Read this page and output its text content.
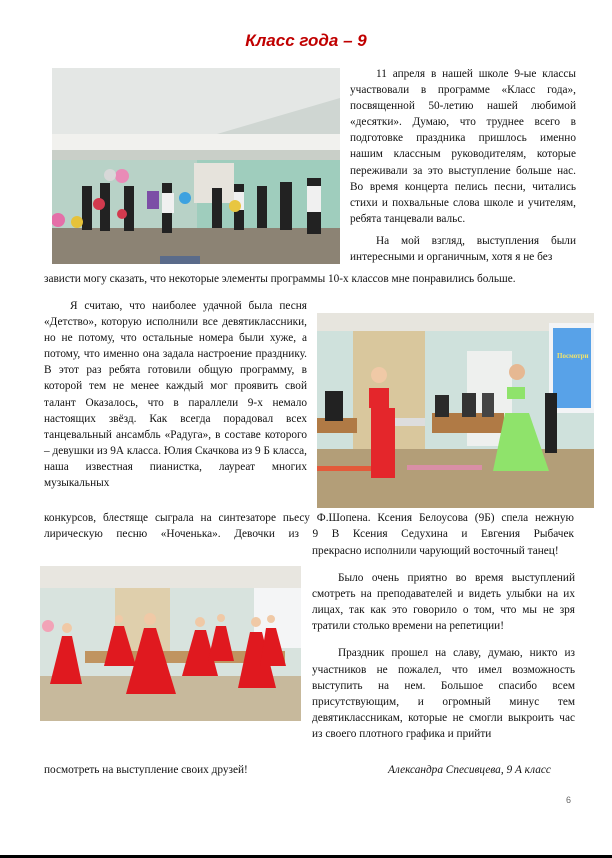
Класс года – 9

11 апреля в нашей школе 9-ые классы участвовали в программе «Класс года», посвященной 50-летию нашей любимой «десятки». Думаю, что труднее всего в подготовке праздника пришлось именно нашим классным руководителям, которые переживали за это выступление больше нас. Во время концерта пелись песни, читались стихи и похвальные слова школе и учителям, ребята танцевали вальс.

На мой взгляд, выступления были интересными и органичным, хотя я не без

зависти могу сказать, что некоторые элементы программы 10-х классов мне понравились больше.

Я считаю, что наиболее удачной была песня «Детство», которую исполнили все девятиклассники, но не потому, что остальные номера были хуже, а потому, что именно она задала настроение празднику. В этот раз ребята готовили общую программу, в которой тем не менее каждый мог проявить свой талант Оказалось, что в параллели 9-х немало настоящих звёзд. Как всегда порадовал всех танцевальный ансамбль «Радуга», в составе которого – девушки из 9А класса. Юлия Скачкова из 9 Б класса, наша известная пианистка, лауреат многих музыкальных

Посмотри
конкурсов, блестяще сыграла на синтезаторе пьесу Ф.Шопена. Ксения Белоусова (9Б) спела нежную лирическую песню «Ноченька». Девочки из 9 В Ксения Седухина и Евгения Рыбачек

прекрасно исполнили чарующий восточный танец!

Было очень приятно во время выступлений смотреть на преподавателей и видеть улыбки на их лицах, так как это говорило о том, что мы не зря тратили столько времени на репетиции!

Праздник прошел на славу, думаю, никто из участников не пожалел, что имел возможность выступить на нем. Большое спасибо всем присутствующим, и огромный минус тем девятиклассникам, которые не смогли выкроить час из своего плотного графика и прийти

посмотреть на выступление своих друзей!	Александра Спесивцева, 9 А класс
6
